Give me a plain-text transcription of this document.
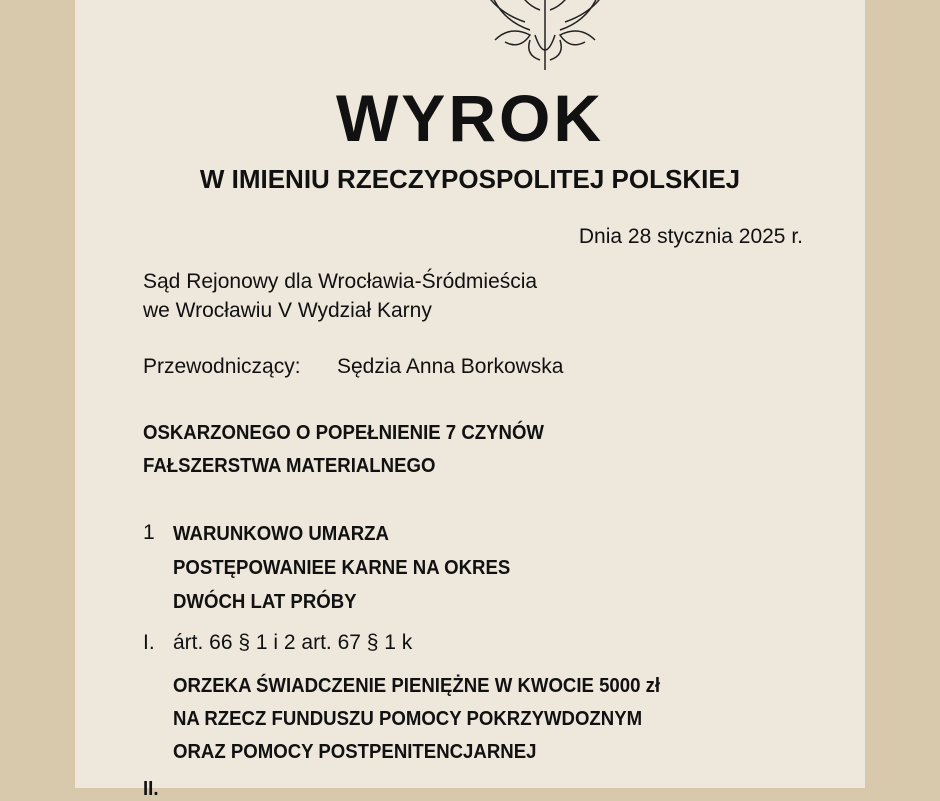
WYROK
W IMIENIU RZECZYPOSPOLITEJ POLSKIEJ
Dnia 28 stycznia 2025 r.
Sąd Rejonowy dla Wrocławia-Śródmieścia
we Wrocławiu V Wydział Karny
Przewodniczący: Sędzia Anna Borkowska
OSKARZONEGO O POPEŁNIENIE 7 CZYNÓW
FAŁSZERSTWA MATERIALNEGO
1 WARUNKOWO UMARZA
POSTĘPOWANIEE KARNE NA OKRES
DWÓCH LAT PRÓBY
I. árt. 66 § 1 i 2 art. 67 § 1 k
ORZEKA ŚWIADCZENIE PIENIĘŻNE W KWOCIE 5000 zł
NA RZECZ FUNDUSZU POMOCY POKRZYWDOZNYM
ORAZ POMOCY POSTPENITENCJARNEJ
II.
